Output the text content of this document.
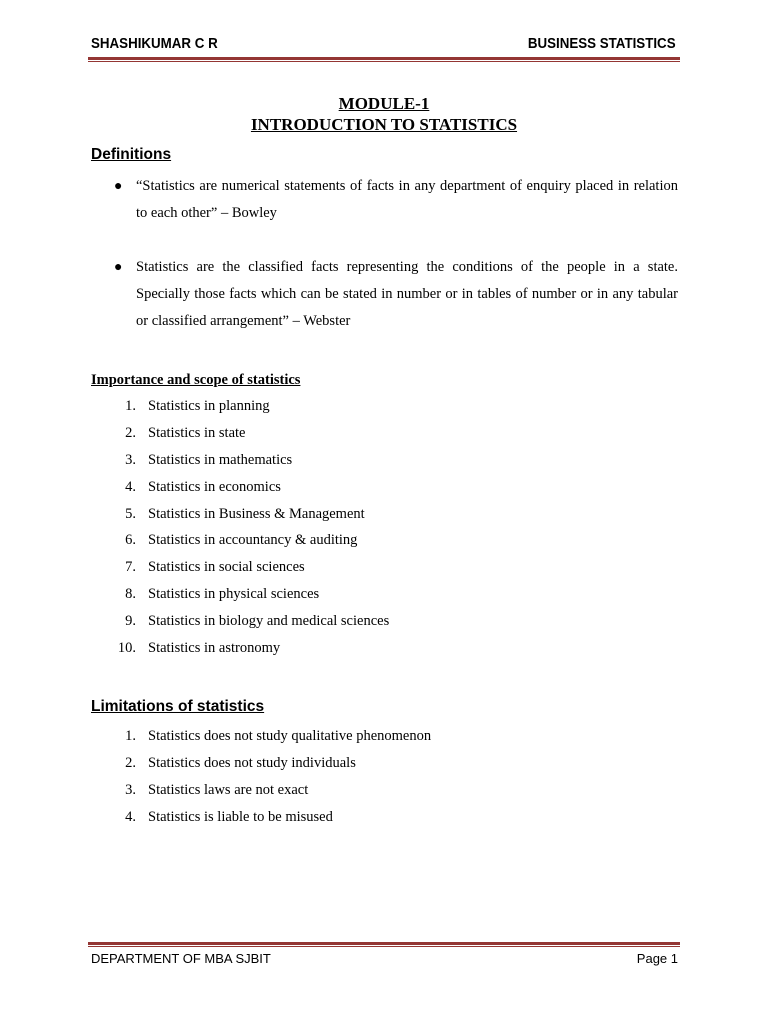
SHASHIKUMAR C R	BUSINESS STATISTICS
MODULE-1
INTRODUCTION TO STATISTICS
Definitions
● “Statistics are numerical statements of facts in any department of enquiry placed in relation
to each other” – Bowley
● Statistics are the classified facts representing the conditions of the people in a state.
Specially those facts which can be stated in number or in tables of number or in any tabular
or classified arrangement” – Webster
Importance and scope of statistics
1. Statistics in planning
2. Statistics in state
3. Statistics in mathematics
4. Statistics in economics
5. Statistics in Business & Management
6. Statistics in accountancy & auditing
7. Statistics in social sciences
8. Statistics in physical sciences
9. Statistics in biology and medical sciences
10. Statistics in astronomy
Limitations of statistics
1. Statistics does not study qualitative phenomenon
2. Statistics does not study individuals
3. Statistics laws are not exact
4. Statistics is liable to be misused
DEPARTMENT OF MBA SJBIT	Page 1
